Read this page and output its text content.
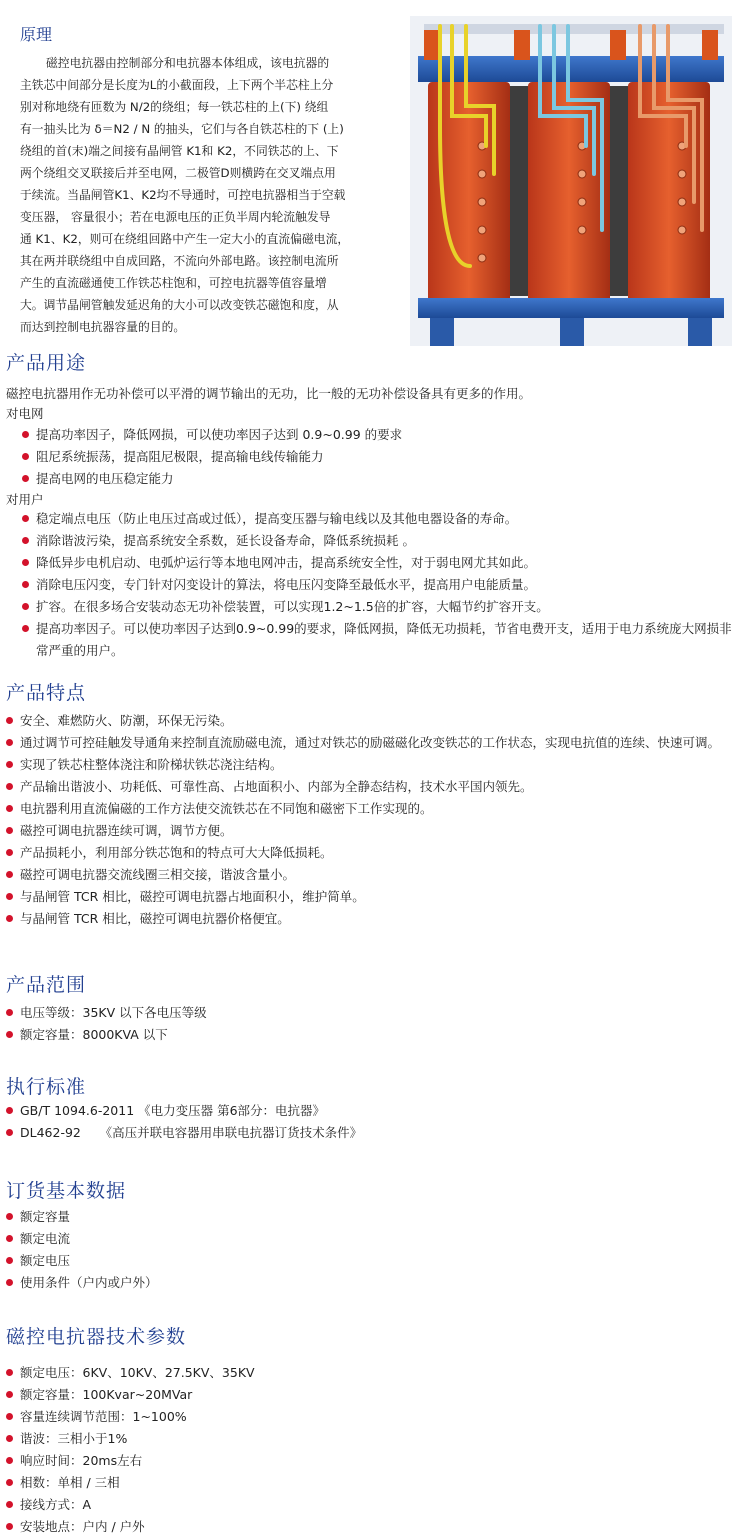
原理

磁控电抗器由控制部分和电抗器本体组成，该电抗器的

主铁芯中间部分是长度为L的小截面段，上下两个半芯柱上分

别对称地绕有匝数为 N/2的绕组；每一铁芯柱的上(下) 绕组

有一抽头比为 δ＝N2 / N 的抽头，它们与各自铁芯柱的下 (上)

绕组的首(末)端之间接有晶闸管 K1和 K2，不同铁芯的上、下

两个绕组交叉联接后并至电网，二极管D则横跨在交叉端点用

于续流。当晶闸管K1、K2均不导通时，可控电抗器相当于空载

变压器， 容量很小；若在电源电压的正负半周内轮流触发导

通 K1、K2，则可在绕组回路中产生一定大小的直流偏磁电流，

其在两并联绕组中自成回路，不流向外部电路。该控制电流所

产生的直流磁通使工作铁芯柱饱和，可控电抗器等值容量增

大。调节晶闸管触发延迟角的大小可以改变铁芯磁饱和度，从

而达到控制电抗器容量的目的。

产品用途
磁控电抗器用作无功补偿可以平滑的调节输出的无功，比一般的无功补偿设备具有更多的作用。
对电网
提高功率因子，降低网损，可以使功率因子达到 0.9~0.99 的要求
阻尼系统振荡，提高阻尼极限，提高输电线传输能力
提高电网的电压稳定能力
对用户
稳定端点电压（防止电压过高或过低），提高变压器与输电线以及其他电器设备的寿命。
消除谐波污染，提高系统安全系数，延长设备寿命，降低系统损耗 。
降低异步电机启动、电弧炉运行等本地电网冲击，提高系统安全性，对于弱电网尤其如此。
消除电压闪变，专门针对闪变设计的算法，将电压闪变降至最低水平，提高用户电能质量。
扩容。在很多场合安装动态无功补偿装置，可以实现1.2~1.5倍的扩容，大幅节约扩容开支。
提高功率因子。可以使功率因子达到0.9~0.99的要求，降低网损，降低无功损耗，节省电费开支，适用于电力系统庞大网损非常严重的用户。
产品特点
安全、难燃防火、防潮，环保无污染。
通过调节可控硅触发导通角来控制直流励磁电流，通过对铁芯的励磁磁化改变铁芯的工作状态，实现电抗值的连续、快速可调。
实现了铁芯柱整体浇注和阶梯状铁芯浇注结构。
产品输出谐波小、功耗低、可靠性高、占地面积小、内部为全静态结构，技术水平国内领先。
电抗器利用直流偏磁的工作方法使交流铁芯在不同饱和磁密下工作实现的。
磁控可调电抗器连续可调，调节方便。
产品损耗小，利用部分铁芯饱和的特点可大大降低损耗。
磁控可调电抗器交流线圈三相交接，谐波含量小。
与晶闸管 TCR 相比，磁控可调电抗器占地面积小，维护简单。
与晶闸管 TCR 相比，磁控可调电抗器价格便宜。
产品范围
电压等级：35KV 以下各电压等级
额定容量：8000KVA 以下
执行标准
GB/T 1094.6-2011 《电力变压器 第6部分：电抗器》
DL462-92　　《高压并联电容器用串联电抗器订货技术条件》
订货基本数据
额定容量
额定电流
额定电压
使用条件（户内或户外）
磁控电抗器技术参数
额定电压：6KV、10KV、27.5KV、35KV
额定容量：100Kvar~20MVar
容量连续调节范围：1~100%
谐波：三相小于1%
响应时间：20ms左右
相数：单相 / 三相
接线方式：A
安装地点：户内 / 户外
